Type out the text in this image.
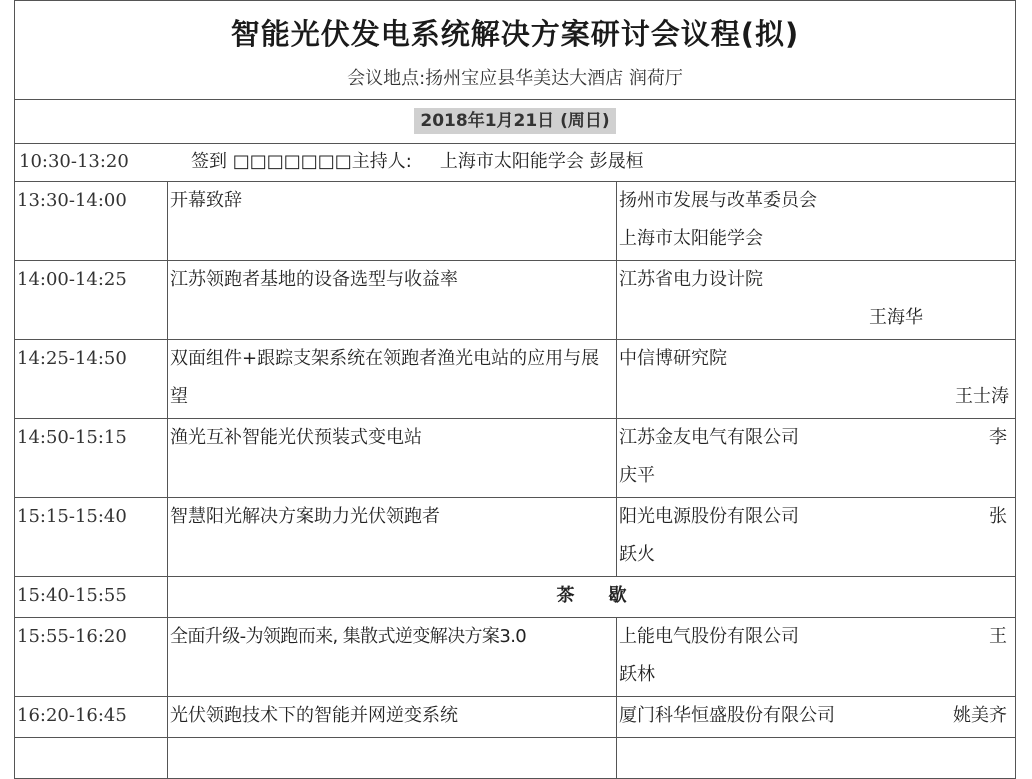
智能光伏发电系统解决方案研讨会议程(拟)		
会议地点:扬州宝应县华美达大酒店 润荷厅		
2018年1月21日 (周日)		
10:30-13:20 签到 □□□□□□□主持人: 上海市太阳能学会 彭晟桓		
13:30-14:00	开幕致辞	扬州市发展与改革委员会
上海市太阳能学会

14:00-14:25	江苏领跑者基地的设备选型与收益率	江苏省电力设计院
王海华

14:25-14:50	双面组件+跟踪支架系统在领跑者渔光电站的应用与展望	中信博研究院
王士涛

14:50-15:15	渔光互补智能光伏预装式变电站	江苏金友电气有限公司 李
庆平

15:15-15:40	智慧阳光解决方案助力光伏领跑者	阳光电源股份有限公司 张
跃火

15:40-15:55	茶 歇	
15:55-16:20	全面升级-为领跑而来, 集散式逆变解决方案3.0	上能电气股份有限公司 王
跃林

16:20-16:45	光伏领跑技术下的智能并网逆变系统	厦门科华恒盛股份有限公司 姚美齐
